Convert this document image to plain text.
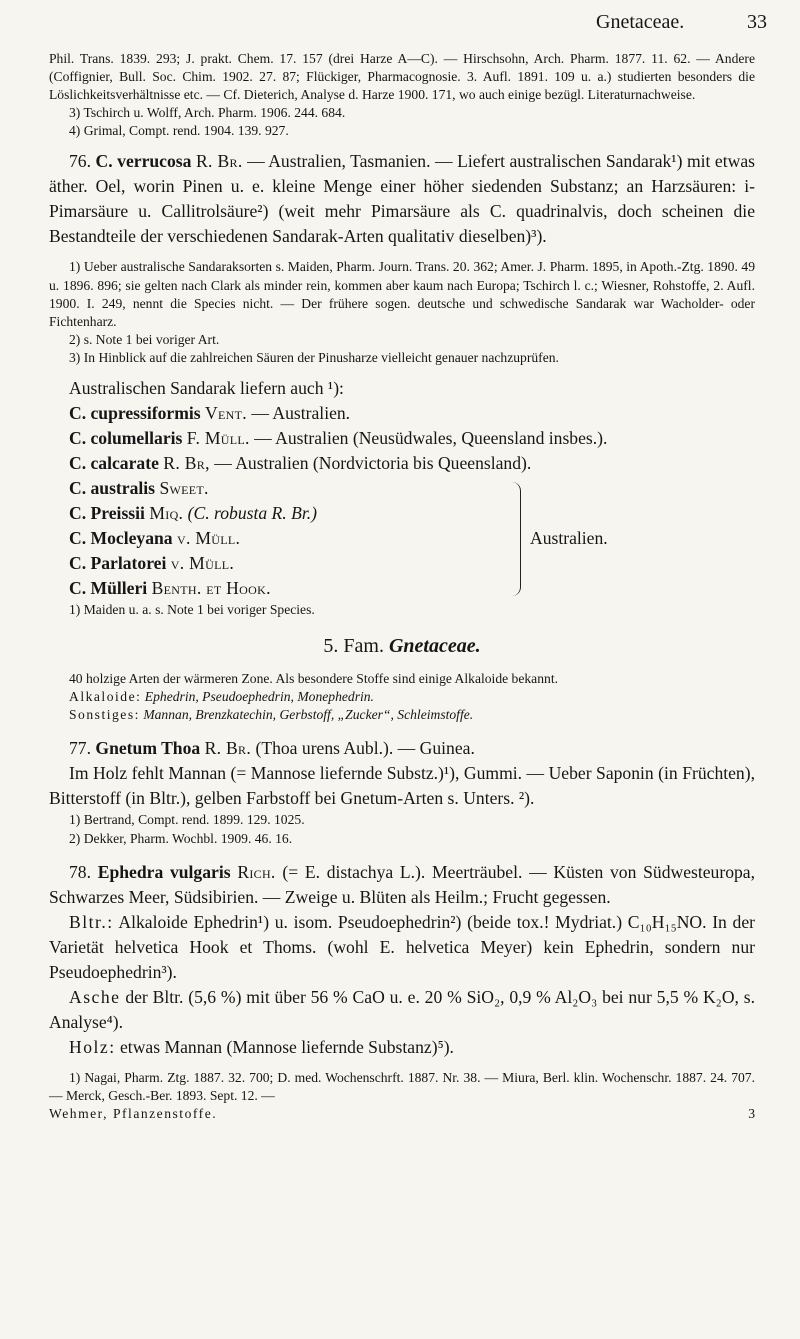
Gnetaceae.	33

Phil. Trans. 1839. 293; J. prakt. Chem. 17. 157 (drei Harze A—C). — Hirschsohn, Arch. Pharm. 1877. 11. 62. — Andere (Coffignier, Bull. Soc. Chim. 1902. 27. 87; Flückiger, Pharmacognosie. 3. Aufl. 1891. 109 u. a.) studierten besonders die Löslichkeitsverhältnisse etc. — Cf. Dieterich, Analyse d. Harze 1900. 171, wo auch einige bezügl. Literaturnachweise.

3) Tschirch u. Wolff, Arch. Pharm. 1906. 244. 684.

4) Grimal, Compt. rend. 1904. 139. 927.

76. C. verrucosa R. Br. — Australien, Tasmanien. — Liefert australischen Sandarak¹) mit etwas äther. Oel, worin Pinen u. e. kleine Menge einer höher siedenden Substanz; an Harzsäuren: i-Pimarsäure u. Callitrolsäure²) (weit mehr Pimarsäure als C. quadrinalvis, doch scheinen die Bestandteile der verschiedenen Sandarak-Arten qualitativ dieselben)³).

1) Ueber australische Sandaraksorten s. Maiden, Pharm. Journ. Trans. 20. 362; Amer. J. Pharm. 1895, in Apoth.-Ztg. 1890. 49 u. 1896. 896; sie gelten nach Clark als minder rein, kommen aber kaum nach Europa; Tschirch l. c.; Wiesner, Rohstoffe, 2. Aufl. 1900. I. 249, nennt die Species nicht. — Der frühere sogen. deutsche und schwedische Sandarak war Wacholder- oder Fichtenharz.

2) s. Note 1 bei voriger Art.

3) In Hinblick auf die zahlreichen Säuren der Pinusharze vielleicht genauer nachzuprüfen.

Australischen Sandarak liefern auch ¹):

C. cupressiformis Vent. — Australien.
C. columellaris F. Müll. — Australien (Neusüdwales, Queensland insbes.).
C. calcarate R. Br, — Australien (Nordvictoria bis Queensland).
C. australis Sweet.
C. Preissii Miq. (C. robusta R. Br.)
C. Mocleyana v. Müll.
C. Parlatorei v. Müll.
C. Mülleri Benth. et Hook.
Australien.

1) Maiden u. a. s. Note 1 bei voriger Species.

5. Fam. Gnetaceae.

40 holzige Arten der wärmeren Zone. Als besondere Stoffe sind einige Alkaloide bekannt.

Alkaloide: Ephedrin, Pseudoephedrin, Monephedrin.

Sonstiges: Mannan, Brenzkatechin, Gerbstoff, „Zucker“, Schleimstoffe.

77. Gnetum Thoa R. Br. (Thoa urens Aubl.). — Guinea.

Im Holz fehlt Mannan (= Mannose liefernde Substz.)¹), Gummi. — Ueber Saponin (in Früchten), Bitterstoff (in Bltr.), gelben Farbstoff bei Gnetum-Arten s. Unters. ²).

1) Bertrand, Compt. rend. 1899. 129. 1025.

2) Dekker, Pharm. Wochbl. 1909. 46. 16.

78. Ephedra vulgaris Rich. (= E. distachya L.). Meerträubel. — Küsten von Südwesteuropa, Schwarzes Meer, Südsibirien. — Zweige u. Blüten als Heilm.; Frucht gegessen.

Bltr.: Alkaloide Ephedrin¹) u. isom. Pseudoephedrin²) (beide tox.! Mydriat.) C₁₀H₁₅NO. In der Varietät helvetica Hook et Thoms. (wohl E. helvetica Meyer) kein Ephedrin, sondern nur Pseudoephedrin³).

Asche der Bltr. (5,6 %) mit über 56 % CaO u. e. 20 % SiO₂, 0,9 % Al₂O₃ bei nur 5,5 % K₂O, s. Analyse⁴).

Holz: etwas Mannan (Mannose liefernde Substanz)⁵).

1) Nagai, Pharm. Ztg. 1887. 32. 700; D. med. Wochenschrft. 1887. Nr. 38. — Miura, Berl. klin. Wochenschr. 1887. 24. 707. — Merck, Gesch.-Ber. 1893. Sept. 12. —

Wehmer, Pflanzenstoffe.	3
